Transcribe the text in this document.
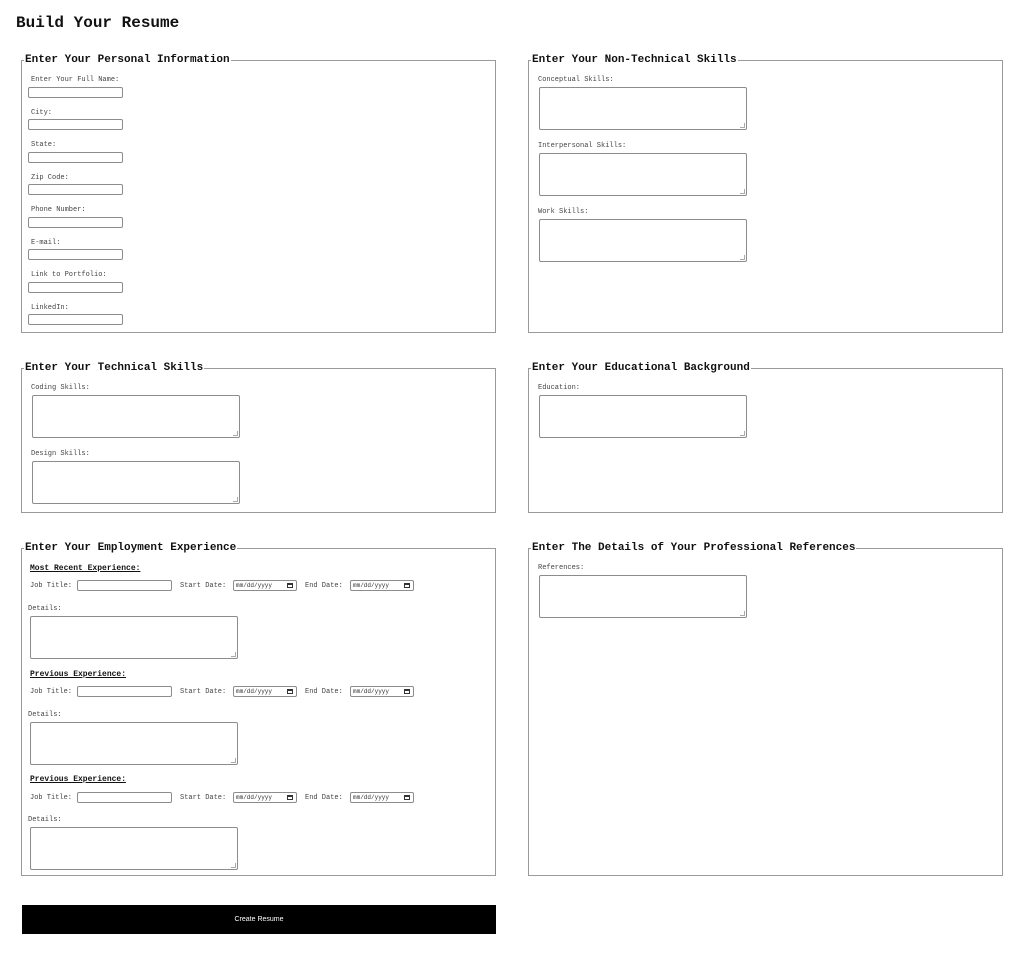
Build Your Resume
Enter Your Personal Information
Enter Your Full Name:
City:
State:
Zip Code:
Phone Number:
E-mail:
Link to Portfolio:
LinkedIn:
Enter Your Non-Technical Skills
Conceptual Skills:
Interpersonal Skills:
Work Skills:
Enter Your Technical Skills
Coding Skills:
Design Skills:
Enter Your Educational Background
Education:
Enter Your Employment Experience
Most Recent Experience:
Job Title:	Start Date:	mm/dd/yyyy	End Date:	mm/dd/yyyy
Details:
Previous Experience:
Job Title:	Start Date:	mm/dd/yyyy	End Date:	mm/dd/yyyy
Details:
Previous Experience:
Job Title:	Start Date:	mm/dd/yyyy	End Date:	mm/dd/yyyy
Details:
Enter The Details of Your Professional References
References:
Create Resume
